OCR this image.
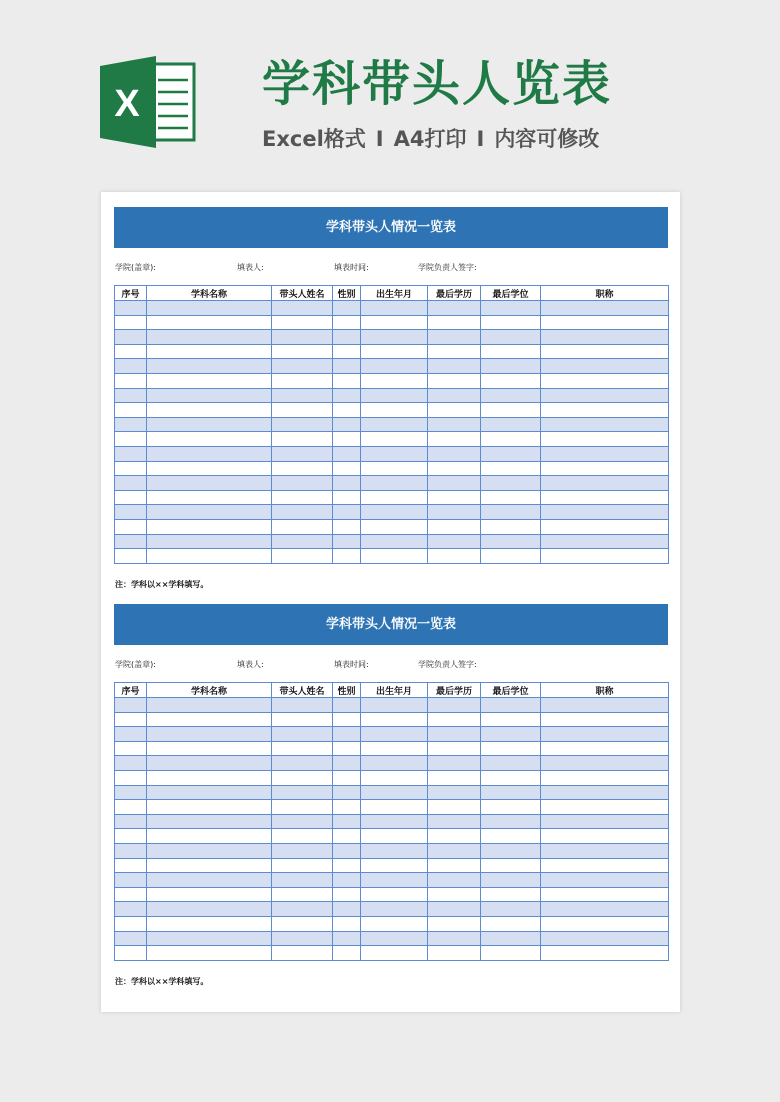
X	学科带头人览表
Excel格式 I A4打印 I 内容可修改
学科带头人情况一览表
学院(盖章):	填表人:	填表时间:	学院负责人签字:
序号	学科名称	带头人姓名	性别	出生年月	最后学历	最后学位	职称

注：学科以××学科填写。
学科带头人情况一览表
学院(盖章):	填表人:	填表时间:	学院负责人签字:
序号	学科名称	带头人姓名	性别	出生年月	最后学历	最后学位	职称

注：学科以××学科填写。
